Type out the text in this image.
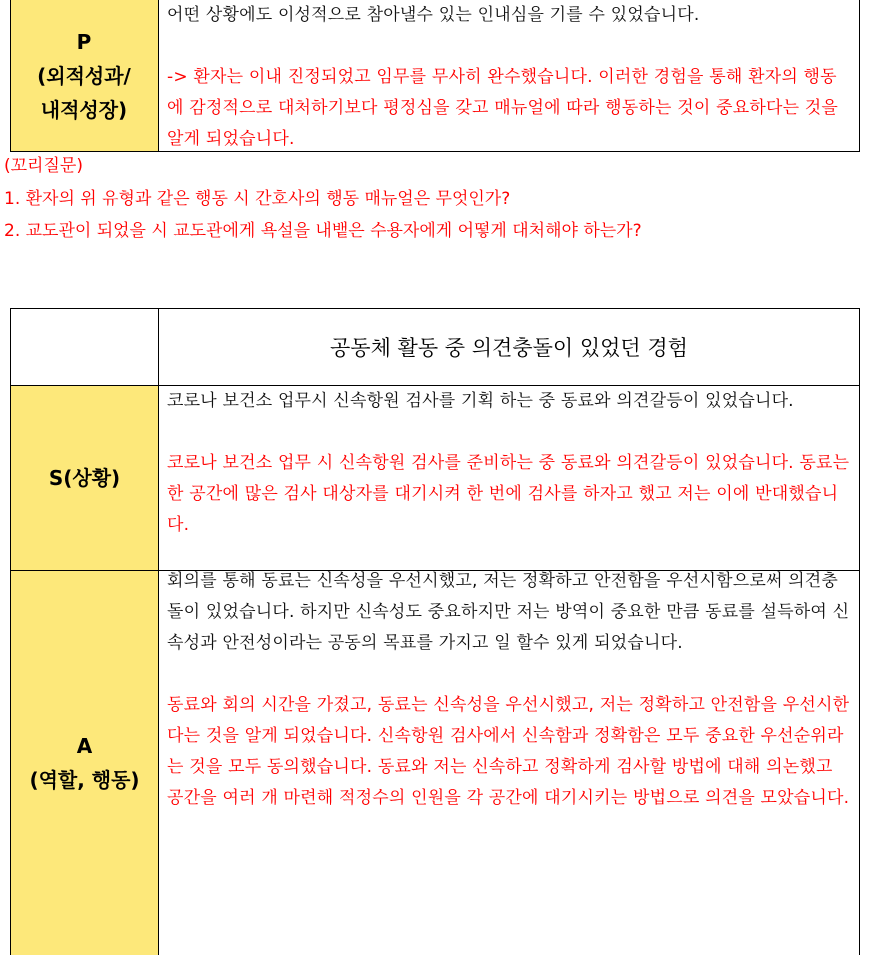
P
(외적성과/
내적성장)

어떤 상황에도 이성적으로 참아낼수 있는 인내심을 기를 수 있었습니다.

-> 환자는 이내 진정되었고 임무를 무사히 완수했습니다. 이러한 경험을 통해 환자의 행동에 감정적으로 대처하기보다 평정심을 갖고 매뉴얼에 따라 행동하는 것이 중요하다는 것을 알게 되었습니다.

(꼬리질문)
1. 환자의 위 유형과 같은 행동 시 간호사의 행동 매뉴얼은 무엇인가?
2. 교도관이 되었을 시 교도관에게 욕설을 내뱉은 수용자에게 어떻게 대처해야 하는가?
공동체 활동 중 의견충돌이 있었던 경험
S(상황)

코로나 보건소 업무시 신속항원 검사를 기획 하는 중 동료와 의견갈등이 있었습니다.

코로나 보건소 업무 시 신속항원 검사를 준비하는 중 동료와 의견갈등이 있었습니다. 동료는 한 공간에 많은 검사 대상자를 대기시켜 한 번에 검사를 하자고 했고 저는 이에 반대했습니다.

A
(역할, 행동)

회의를 통해 동료는 신속성을 우선시했고, 저는 정확하고 안전함을 우선시함으로써 의견충돌이 있었습니다. 하지만 신속성도 중요하지만 저는 방역이 중요한 만큼 동료를 설득하여 신속성과 안전성이라는 공동의 목표를 가지고 일 할수 있게 되었습니다.

동료와 회의 시간을 가졌고, 동료는 신속성을 우선시했고, 저는 정확하고 안전함을 우선시한다는 것을 알게 되었습니다. 신속항원 검사에서 신속함과 정확함은 모두 중요한 우선순위라는 것을 모두 동의했습니다. 동료와 저는 신속하고 정확하게 검사할 방법에 대해 의논했고 공간을 여러 개 마련해 적정수의 인원을 각 공간에 대기시키는 방법으로 의견을 모았습니다.
